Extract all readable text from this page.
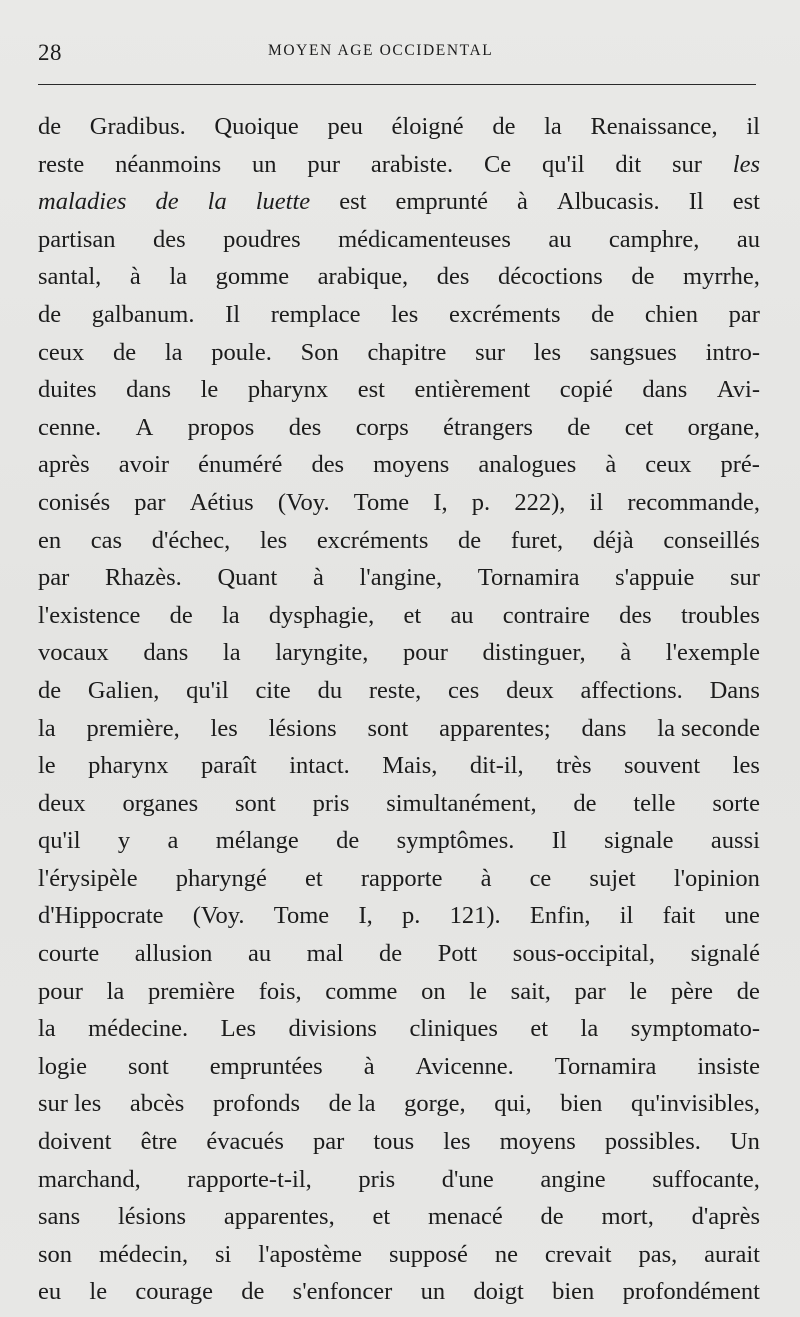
28	MOYEN AGE OCCIDENTAL
de Gradibus. Quoique peu éloigné de la Renaissance, il
reste néanmoins un pur arabiste. Ce qu'il dit sur les
maladies de la luette est emprunté à Albucasis. Il est
partisan des poudres médicamenteuses au camphre, au
santal, à la gomme arabique, des décoctions de myrrhe,
de galbanum. Il remplace les excréments de chien par
ceux de la poule. Son chapitre sur les sangsues intro-
duites dans le pharynx est entièrement copié dans Avi-
cenne. A propos des corps étrangers de cet organe,
après avoir énuméré des moyens analogues à ceux pré-
conisés par Aétius (Voy. Tome I, p. 222), il recommande,
en cas d'échec, les excréments de furet, déjà conseillés
par Rhazès. Quant à l'angine, Tornamira s'appuie sur
l'existence de la dysphagie, et au contraire des troubles
vocaux dans la laryngite, pour distinguer, à l'exemple
de Galien, qu'il cite du reste, ces deux affections. Dans
la première, les lésions sont apparentes; dans la seconde
le pharynx paraît intact. Mais, dit-il, très souvent les
deux organes sont pris simultanément, de telle sorte
qu'il y a mélange de symptômes. Il signale aussi
l'érysipèle pharyngé et rapporte à ce sujet l'opinion
d'Hippocrate (Voy. Tome I, p. 121). Enfin, il fait une
courte allusion au mal de Pott sous-occipital, signalé
pour la première fois, comme on le sait, par le père de
la médecine. Les divisions cliniques et la symptomato-
logie sont empruntées à Avicenne. Tornamira insiste
sur les abcès profonds de la gorge, qui, bien qu'invisibles,
doivent être évacués par tous les moyens possibles. Un
marchand, rapporte-t-il, pris d'une angine suffocante,
sans lésions apparentes, et menacé de mort, d'après
son médecin, si l'apostème supposé ne crevait pas, aurait
eu le courage de s'enfoncer un doigt bien profondément
